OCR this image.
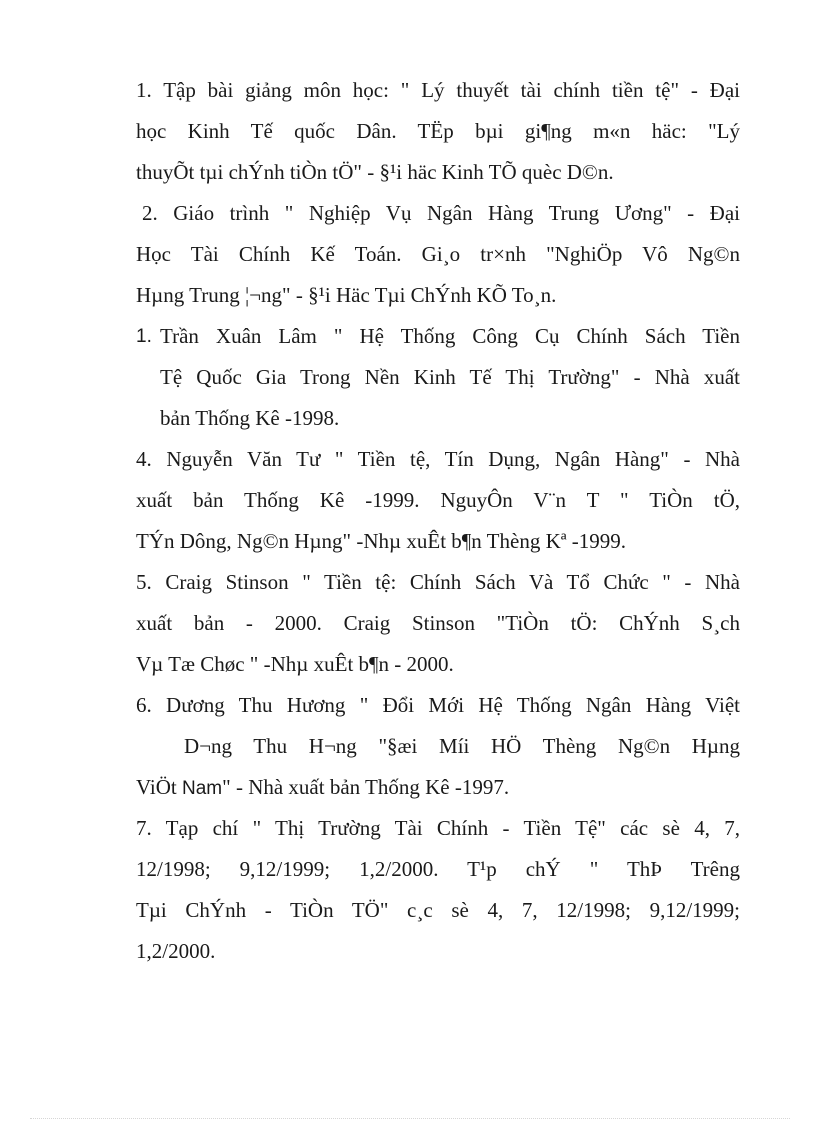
1. Tập bài giảng môn học: " Lý thuyết tài chính tiền tệ" - Đại
học Kinh Tế quốc Dân. TËp bµi gi¶ng m«n häc: "Lý
thuyÕt tµi chÝnh tiÒn tÖ" - §¹i häc Kinh TÕ quèc D©n.
2. Giáo trình " Nghiệp Vụ Ngân Hàng Trung Ương" - Đại
Học Tài Chính Kế Toán. Gi¸o tr×nh "NghiÖp Vô Ng©n
Hµng Trung ¦¬ng" - §¹i Häc Tµi ChÝnh KÕ To¸n.
1. Trần Xuân Lâm " Hệ Thống Công Cụ Chính Sách Tiền
Tệ Quốc Gia Trong Nền Kinh Tế Thị Trường" - Nhà xuất
bản Thống Kê -1998.
4. Nguyễn Văn Tư " Tiền tệ, Tín Dụng, Ngân Hàng" - Nhà
xuất bản Thống Kê -1999. NguyÔn V¨n T " TiÒn tÖ,
TÝn Dông, Ng©n Hµng" -Nhµ xuÊt b¶n Thèng Kª -1999.
5. Craig Stinson " Tiền tệ: Chính Sách Và Tổ Chức " - Nhà
xuất bản - 2000. Craig Stinson "TiÒn tÖ: ChÝnh S¸ch
Vµ Tæ Chøc " -Nhµ xuÊt b¶n - 2000.
6. Dương Thu Hương " Đổi Mới Hệ Thống Ngân Hàng Việt
D¬ng Thu H¬ng "§æi Míi HÖ Thèng Ng©n Hµng
ViÖt Nam" - Nhà xuất bản Thống Kê -1997.
7. Tạp chí " Thị Trường Tài Chính - Tiền Tệ" các sè 4, 7,
12/1998; 9,12/1999; 1,2/2000. T¹p chÝ " ThÞ Trêng
Tµi ChÝnh - TiÒn TÖ" c¸c sè 4, 7, 12/1998; 9,12/1999;
1,2/2000.
